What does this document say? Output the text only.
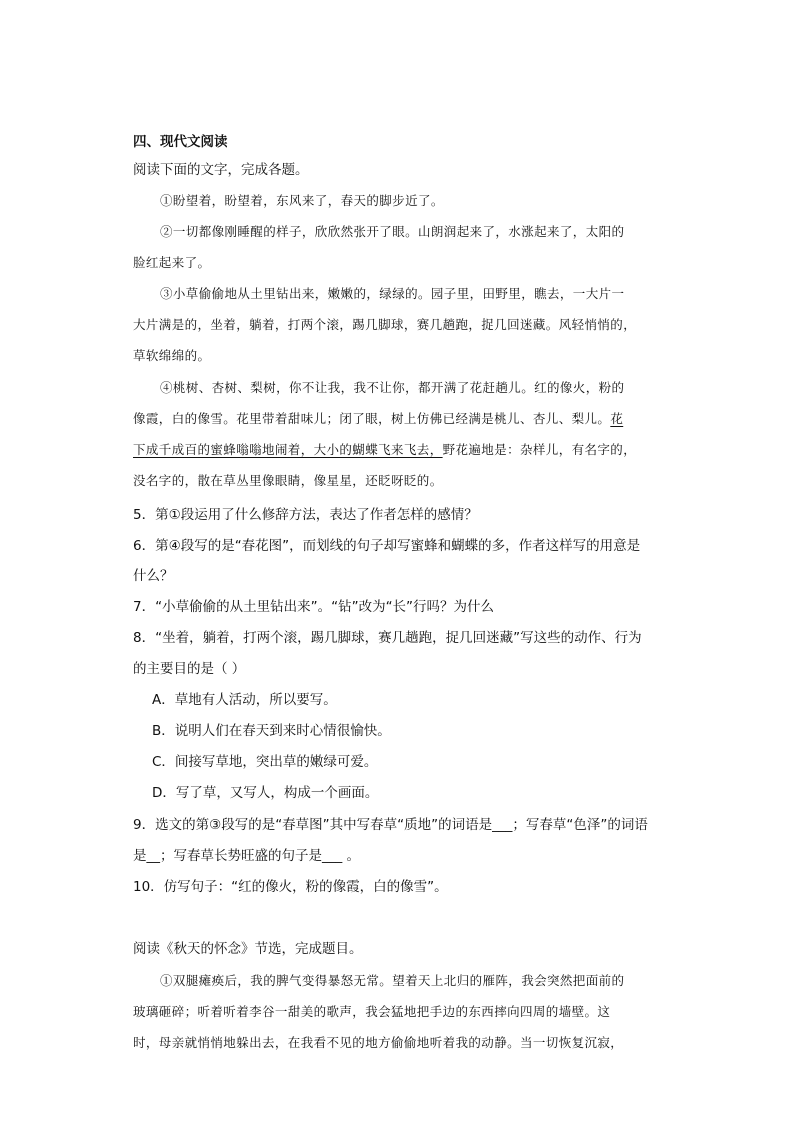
四、现代文阅读
阅读下面的文字，完成各题。
①盼望着，盼望着，东风来了，春天的脚步近了。
②一切都像刚睡醒的样子，欣欣然张开了眼。山朗润起来了，水涨起来了，太阳的
脸红起来了。
③小草偷偷地从土里钻出来，嫩嫩的，绿绿的。园子里，田野里，瞧去，一大片一
大片满是的，坐着，躺着，打两个滚，踢几脚球，赛几趟跑，捉几回迷藏。风轻悄悄的，
草软绵绵的。
④桃树、杏树、梨树，你不让我，我不让你，都开满了花赶趟儿。红的像火，粉的
像霞，白的像雪。花里带着甜味儿；闭了眼，树上仿佛已经满是桃儿、杏儿、梨儿。花
下成千成百的蜜蜂嗡嗡地闹着，大小的蝴蝶飞来飞去，野花遍地是：杂样儿，有名字的，
没名字的，散在草丛里像眼睛，像星星，还眨呀眨的。
5．第①段运用了什么修辞方法，表达了作者怎样的感情？
6．第④段写的是“春花图”，而划线的句子却写蜜蜂和蝴蝶的多，作者这样写的用意是
什么？
7．“小草偷偷的从土里钻出来”。“钻”改为“长”行吗？为什么
8．“坐着，躺着，打两个滚，踢几脚球，赛几趟跑，捉几回迷藏”写这些的动作、行为
的主要目的是（ ）
A．草地有人活动，所以要写。
B．说明人们在春天到来时心情很愉快。
C．间接写草地，突出草的嫩绿可爱。
D．写了草，又写人，构成一个画面。
9．选文的第③段写的是“春草图”其中写春草“质地”的词语是___；写春草“色泽”的词语
是__；写春草长势旺盛的句子是___ 。
10．仿写句子：“红的像火，粉的像霞，白的像雪”。
阅读《秋天的怀念》节选，完成题目。
①双腿瘫痪后，我的脾气变得暴怒无常。望着天上北归的雁阵，我会突然把面前的
玻璃砸碎；听着听着李谷一甜美的歌声，我会猛地把手边的东西摔向四周的墙壁。这
时，母亲就悄悄地躲出去，在我看不见的地方偷偷地听着我的动静。当一切恢复沉寂，
